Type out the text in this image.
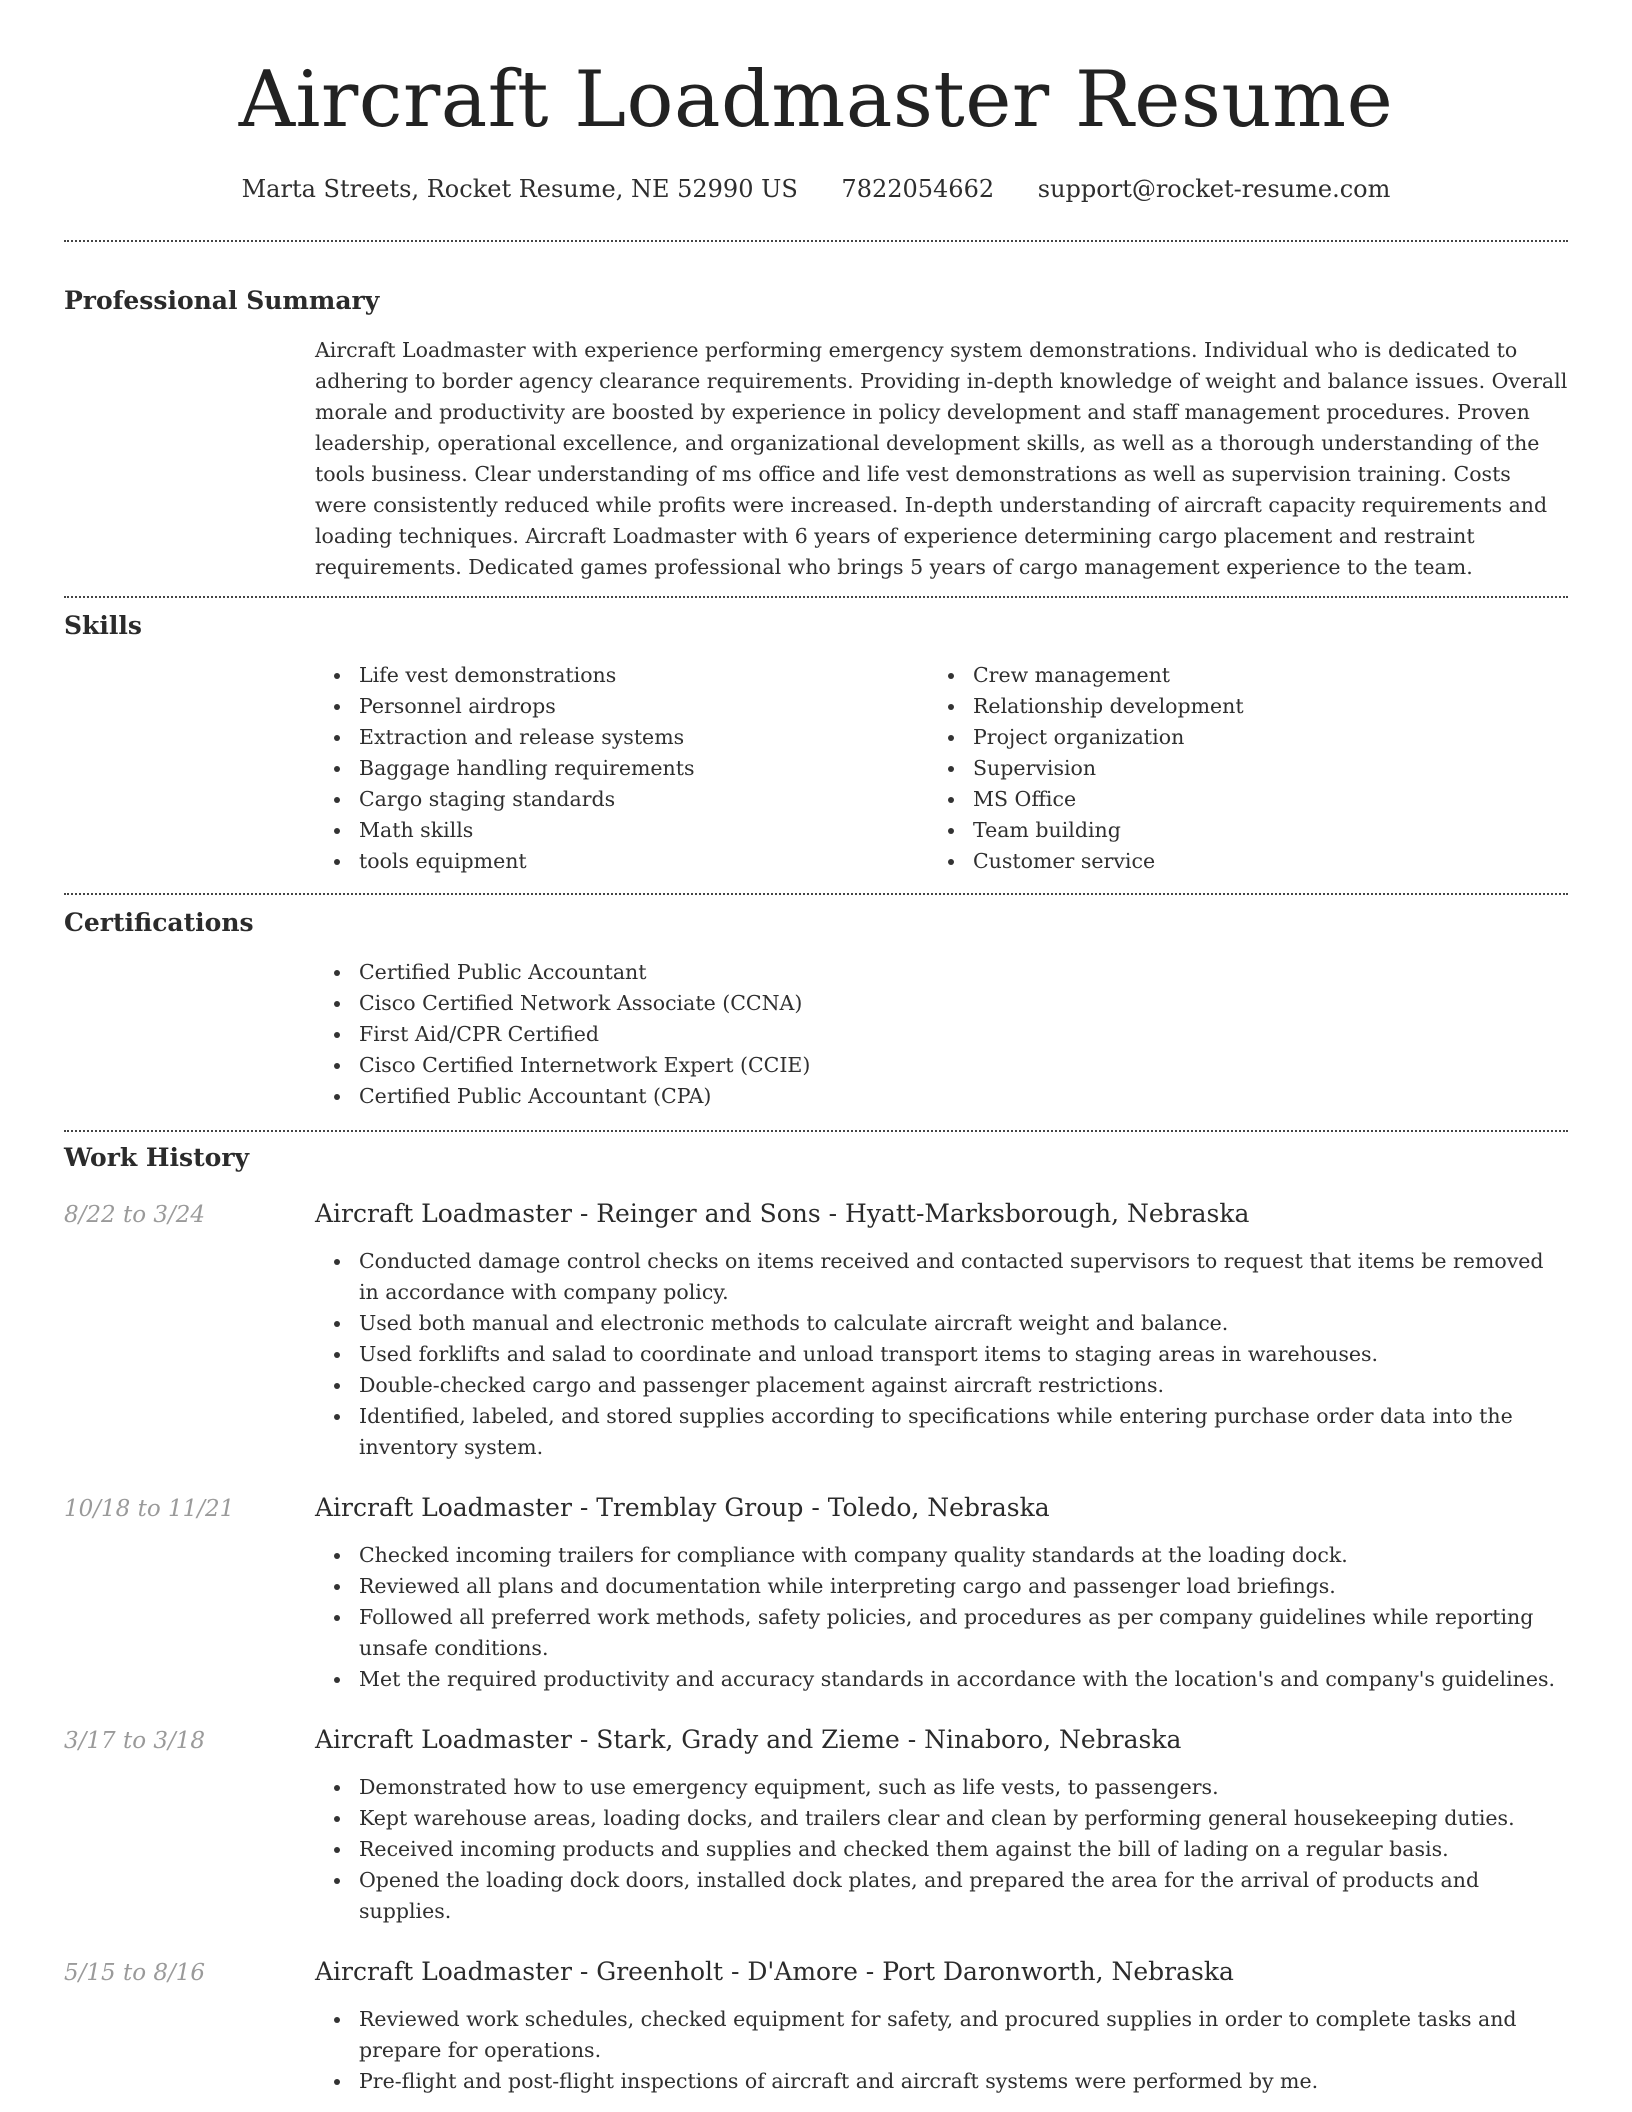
Aircraft Loadmaster Resume
Marta Streets, Rocket Resume, NE 52990 US 7822054662 support@rocket-resume.com
Professional Summary

Aircraft Loadmaster with experience performing emergency system demonstrations. Individual who is dedicated to adhering to border agency clearance requirements. Providing in-depth knowledge of weight and balance issues. Overall morale and productivity are boosted by experience in policy development and staff management procedures. Proven leadership, operational excellence, and organizational development skills, as well as a thorough understanding of the tools business. Clear understanding of ms office and life vest demonstrations as well as supervision training. Costs were consistently reduced while profits were increased. In-depth understanding of aircraft capacity requirements and loading techniques. Aircraft Loadmaster with 6 years of experience determining cargo placement and restraint requirements. Dedicated games professional who brings 5 years of cargo management experience to the team.

Skills
Life vest demonstrations
Personnel airdrops
Extraction and release systems
Baggage handling requirements
Cargo staging standards
Math skills
tools equipment
Crew management
Relationship development
Project organization
Supervision
MS Office
Team building
Customer service
Certifications
Certified Public Accountant
Cisco Certified Network Associate (CCNA)
First Aid/CPR Certified
Cisco Certified Internetwork Expert (CCIE)
Certified Public Accountant (CPA)
Work History
8/22 to 3/24	Aircraft Loadmaster - Reinger and Sons - Hyatt-Marksborough, Nebraska
Conducted damage control checks on items received and contacted supervisors to request that items be removed in accordance with company policy.
Used both manual and electronic methods to calculate aircraft weight and balance.
Used forklifts and salad to coordinate and unload transport items to staging areas in warehouses.
Double-checked cargo and passenger placement against aircraft restrictions.
Identified, labeled, and stored supplies according to specifications while entering purchase order data into the inventory system.
10/18 to 11/21	Aircraft Loadmaster - Tremblay Group - Toledo, Nebraska
Checked incoming trailers for compliance with company quality standards at the loading dock.
Reviewed all plans and documentation while interpreting cargo and passenger load briefings.
Followed all preferred work methods, safety policies, and procedures as per company guidelines while reporting unsafe conditions.
Met the required productivity and accuracy standards in accordance with the location's and company's guidelines.
3/17 to 3/18	Aircraft Loadmaster - Stark, Grady and Zieme - Ninaboro, Nebraska
Demonstrated how to use emergency equipment, such as life vests, to passengers.
Kept warehouse areas, loading docks, and trailers clear and clean by performing general housekeeping duties.
Received incoming products and supplies and checked them against the bill of lading on a regular basis.
Opened the loading dock doors, installed dock plates, and prepared the area for the arrival of products and supplies.
5/15 to 8/16	Aircraft Loadmaster - Greenholt - D'Amore - Port Daronworth, Nebraska
Reviewed work schedules, checked equipment for safety, and procured supplies in order to complete tasks and prepare for operations.
Pre-flight and post-flight inspections of aircraft and aircraft systems were performed by me.
